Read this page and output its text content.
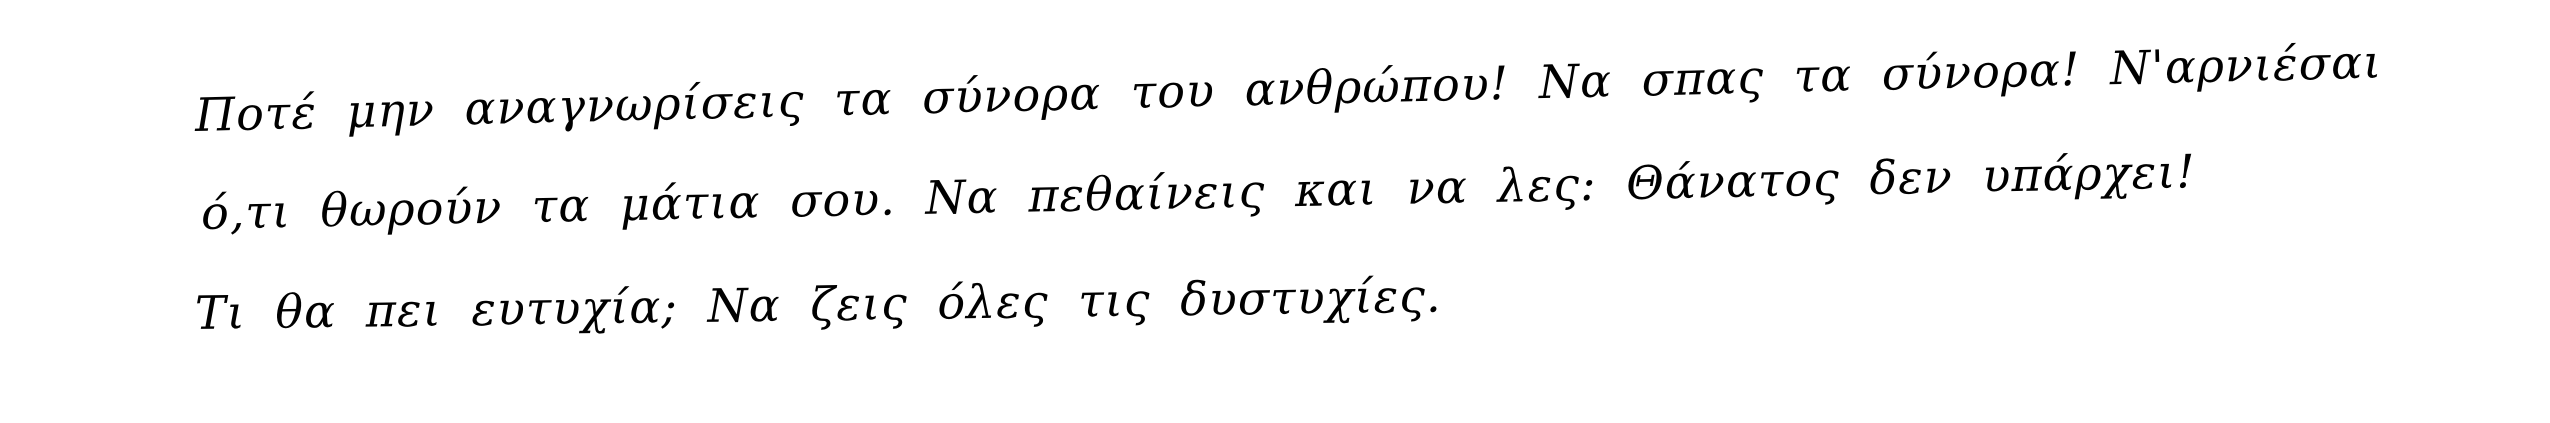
Ποτέ μην αναγνωρίσεις τα σύνορα του ανθρώπου! Να σπας τα σύνορα! Ν'αρνιέσαι
ό,τι θωρούν τα μάτια σου. Να πεθαίνεις και να λες: Θάνατος δεν υπάρχει!
Τι θα πει ευτυχία; Να ζεις όλες τις δυστυχίες.
